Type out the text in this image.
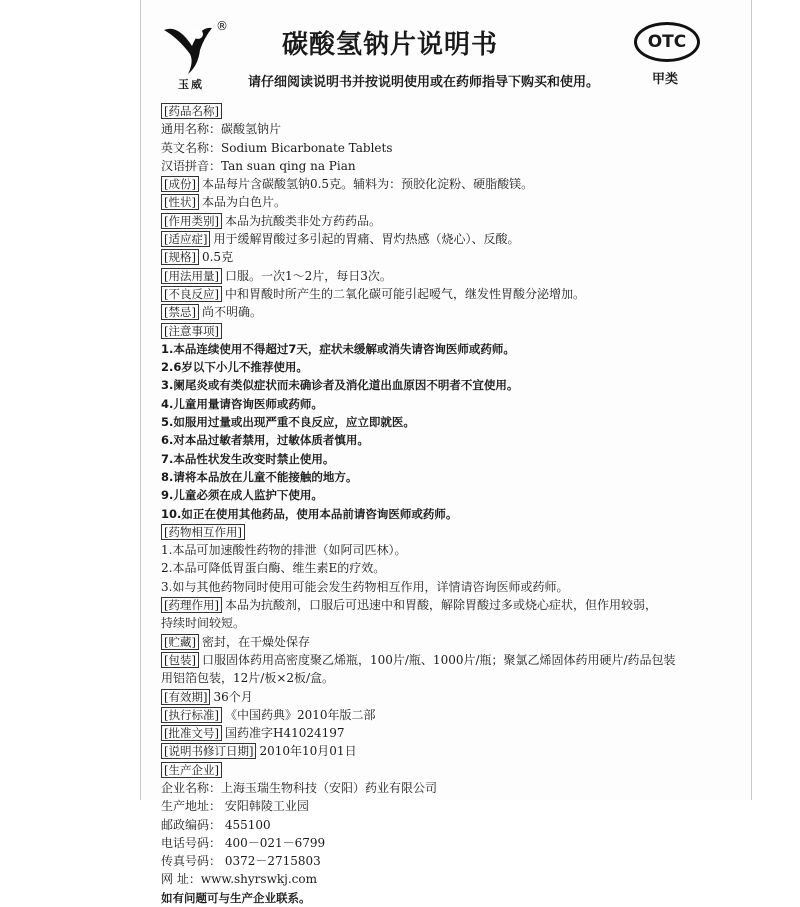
®
玉威
碳酸氢钠片说明书
请仔细阅读说明书并按说明使用或在药师指导下购买和使用。
OTC
甲类
[药品名称]
通用名称：碳酸氢钠片
英文名称：Sodium Bicarbonate Tablets
汉语拼音：Tan suan qing na Pian
[成份] 本品每片含碳酸氢钠0.5克。辅料为：预胶化淀粉、硬脂酸镁。
[性状] 本品为白色片。
[作用类别] 本品为抗酸类非处方药药品。
[适应症] 用于缓解胃酸过多引起的胃痛、胃灼热感（烧心）、反酸。
[规格] 0.5克
[用法用量] 口服。一次1～2片，每日3次。
[不良反应] 中和胃酸时所产生的二氧化碳可能引起嗳气，继发性胃酸分泌增加。
[禁忌] 尚不明确。
[注意事项]
1.本品连续使用不得超过7天，症状未缓解或消失请咨询医师或药师。
2.6岁以下小儿不推荐使用。
3.阑尾炎或有类似症状而未确诊者及消化道出血原因不明者不宜使用。
4.儿童用量请咨询医师或药师。
5.如服用过量或出现严重不良反应，应立即就医。
6.对本品过敏者禁用，过敏体质者慎用。
7.本品性状发生改变时禁止使用。
8.请将本品放在儿童不能接触的地方。
9.儿童必须在成人监护下使用。
10.如正在使用其他药品，使用本品前请咨询医师或药师。
[药物相互作用]
1.本品可加速酸性药物的排泄（如阿司匹林）。
2.本品可降低胃蛋白酶、维生素E的疗效。
3.如与其他药物同时使用可能会发生药物相互作用，详情请咨询医师或药师。
[药理作用] 本品为抗酸剂，口服后可迅速中和胃酸，解除胃酸过多或烧心症状，但作用较弱，
持续时间较短。
[贮藏] 密封，在干燥处保存
[包装] 口服固体药用高密度聚乙烯瓶，100片/瓶、1000片/瓶；聚氯乙烯固体药用硬片/药品包装
用铝箔包装，12片/板×2板/盒。
[有效期] 36个月
[执行标准] 《中国药典》2010年版二部
[批准文号] 国药准字H41024197
[说明书修订日期] 2010年10月01日
[生产企业]
企业名称：上海玉瑞生物科技（安阳）药业有限公司
生产地址： 安阳韩陵工业园
邮政编码： 455100
电话号码： 400－021－6799
传真号码： 0372－2715803
网 址：www.shyrswkj.com
如有问题可与生产企业联系。
